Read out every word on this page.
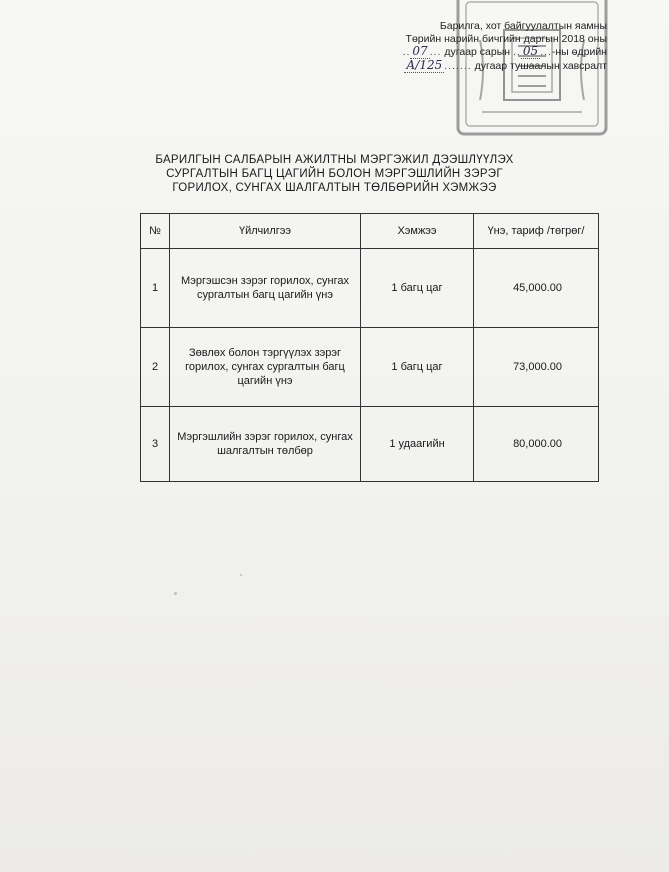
Барилга, хот байгуулалтын яамны
Төрийн нарийн бичгийн даргын 2018 оны
.. 07 ... дугаар сарын .. 05 ...-ны өдрийн
А/125 ....... дугаар тушаалын хавсралт
БАРИЛГЫН САЛБАРЫН АЖИЛТНЫ МЭРГЭЖИЛ ДЭЭШЛҮҮЛЭХ
СУРГАЛТЫН БАГЦ ЦАГИЙН БОЛОН МЭРГЭШЛИЙН ЗЭРЭГ
ГОРИЛОХ, СУНГАХ ШАЛГАЛТЫН ТӨЛБӨРИЙН ХЭМЖЭЭ
№	Үйлчилгээ	Хэмжээ	Үнэ, тариф /төгрөг/
1	Мэргэшсэн зэрэг горилох, сунгах сургалтын багц цагийн үнэ	1 багц цаг	45,000.00
2	Зөвлөх болон тэргүүлэх зэрэг горилох, сунгах сургалтын багц цагийн үнэ	1 багц цаг	73,000.00
3	Мэргэшлийн зэрэг горилох, сунгах шалгалтын төлбөр	1 удаагийн	80,000.00
